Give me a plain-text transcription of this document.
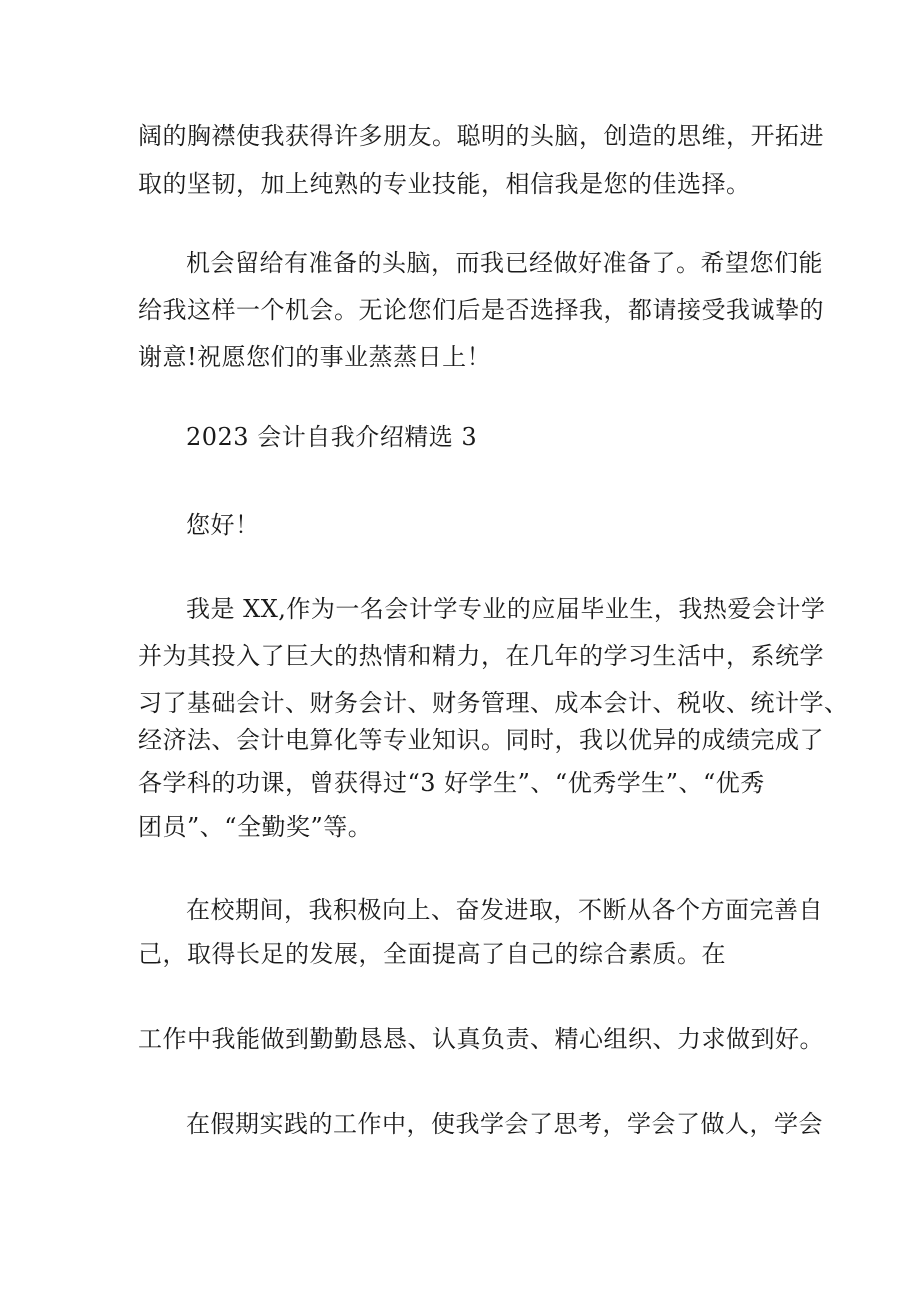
阔的胸襟使我获得许多朋友。聪明的头脑，创造的思维，开拓进
取的坚韧，加上纯熟的专业技能，相信我是您的佳选择。
机会留给有准备的头脑，而我已经做好准备了。希望您们能
给我这样一个机会。无论您们后是否选择我，都请接受我诚挚的
谢意!祝愿您们的事业蒸蒸日上！
2023 会计自我介绍精选 3
您好！
我是 XX,作为一名会计学专业的应届毕业生，我热爱会计学
并为其投入了巨大的热情和精力，在几年的学习生活中，系统学
习了基础会计、财务会计、财务管理、成本会计、税收、统计学、
经济法、会计电算化等专业知识。同时，我以优异的成绩完成了
各学科的功课，曾获得过“3 好学生”、“优秀学生”、“优秀
团员”、“全勤奖”等。
在校期间，我积极向上、奋发进取，不断从各个方面完善自
己，取得长足的发展，全面提高了自己的综合素质。在
工作中我能做到勤勤恳恳、认真负责、精心组织、力求做到好。
在假期实践的工作中，使我学会了思考，学会了做人，学会
